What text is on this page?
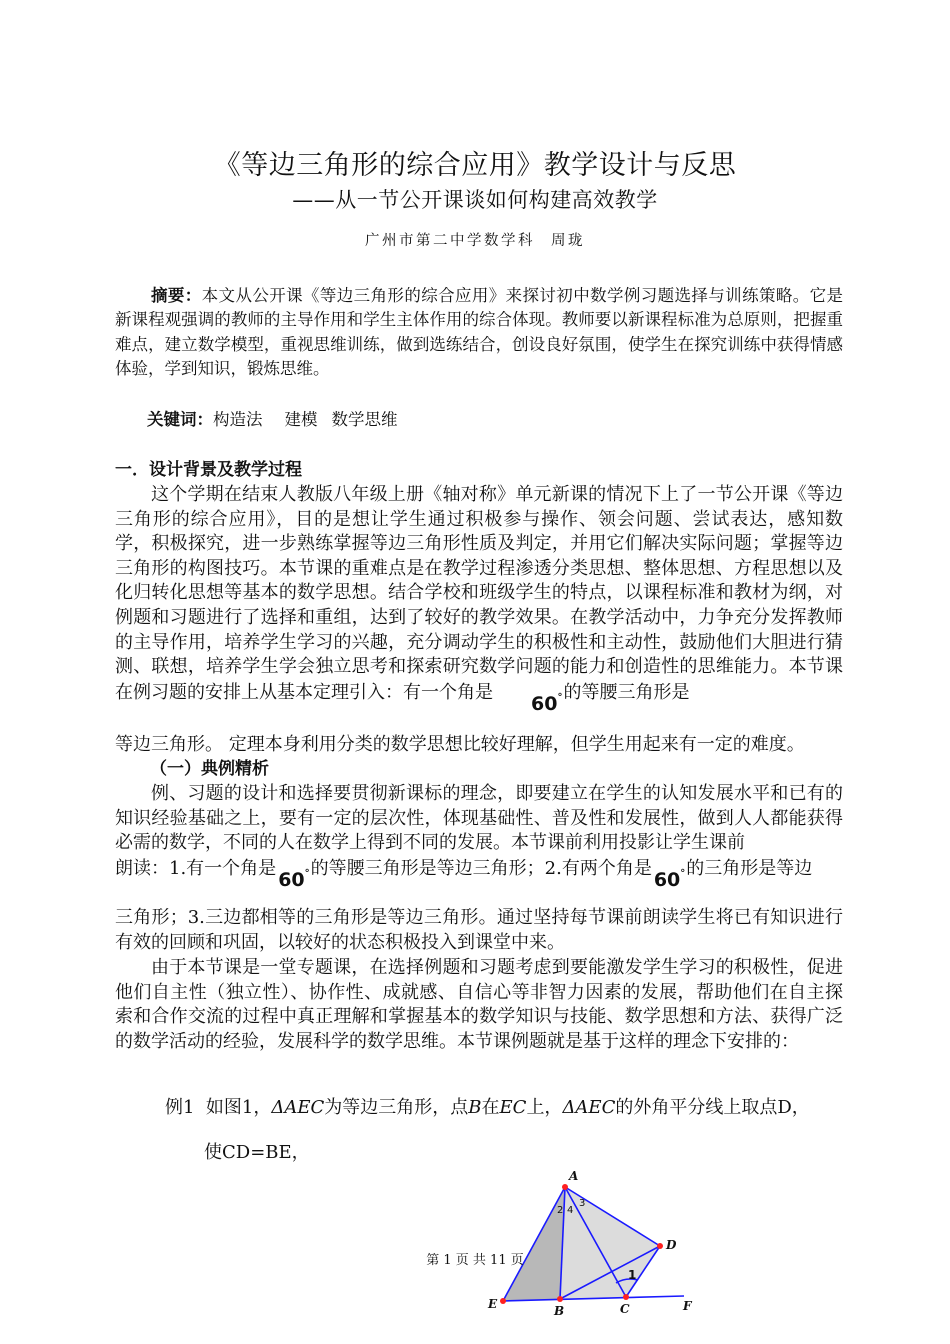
《等边三角形的综合应用》教学设计与反思
——从一节公开课谈如何构建高效教学
广州市第二中学数学科 周珑
摘要：本文从公开课《等边三角形的综合应用》来探讨初中数学例习题选择与训练策略。它是新课程观强调的教师的主导作用和学生主体作用的综合体现。教师要以新课程标准为总原则，把握重难点，建立数学模型，重视思维训练，做到选练结合，创设良好氛围，使学生在探究训练中获得情感体验，学到知识，锻炼思维。
关键词：构造法 建模 数学思维
一．设计背景及教学过程
这个学期在结束人教版八年级上册《轴对称》单元新课的情况下上了一节公开课《等边三角形的综合应用》，目的是想让学生通过积极参与操作、领会问题、尝试表达，感知数学，积极探究，进一步熟练掌握等边三角形性质及判定，并用它们解决实际问题；掌握等边三角形的构图技巧。本节课的重难点是在教学过程渗透分类思想、整体思想、方程思想以及化归转化思想等基本的数学思想。结合学校和班级学生的特点，以课程标准和教材为纲，对例题和习题进行了选择和重组，达到了较好的教学效果。在教学活动中，力争充分发挥教师的主导作用，培养学生学习的兴趣，充分调动学生的积极性和主动性，鼓励他们大胆进行猜测、联想，培养学生学会独立思考和探索研究数学问题的能力和创造性的思维能力。本节课在例习题的安排上从基本定理引入：有一个角是60°的等腰三角形是
等边三角形。 定理本身利用分类的数学思想比较好理解，但学生用起来有一定的难度。
（一）典例精析
例、习题的设计和选择要贯彻新课标的理念，即要建立在学生的认知发展水平和已有的知识经验基础之上，要有一定的层次性，体现基础性、普及性和发展性，做到人人都能获得必需的数学，不同的人在数学上得到不同的发展。本节课前利用投影让学生课前
朗读：1.有一个角是60°的等腰三角形是等边三角形；2.有两个角是60°的三角形是等边
三角形；3.三边都相等的三角形是等边三角形。通过坚持每节课前朗读学生将已有知识进行有效的回顾和巩固，以较好的状态积极投入到课堂中来。
由于本节课是一堂专题课，在选择例题和习题考虑到要能激发学生学习的积极性，促进他们自主性（独立性）、协作性、成就感、自信心等非智力因素的发展，帮助他们在自主探索和合作交流的过程中真正理解和掌握基本的数学知识与技能、数学思想和方法、获得广泛的数学活动的经验，发展科学的数学思维。本节课例题就是基于这样的理念下安排的：
例1 如图1，ΔAEC为等边三角形，点B在EC上，ΔAEC的外角平分线上取点D，
使CD=BE，
A
E	B	C
D
F
1
2 4
3
第 1 页 共 11 页
